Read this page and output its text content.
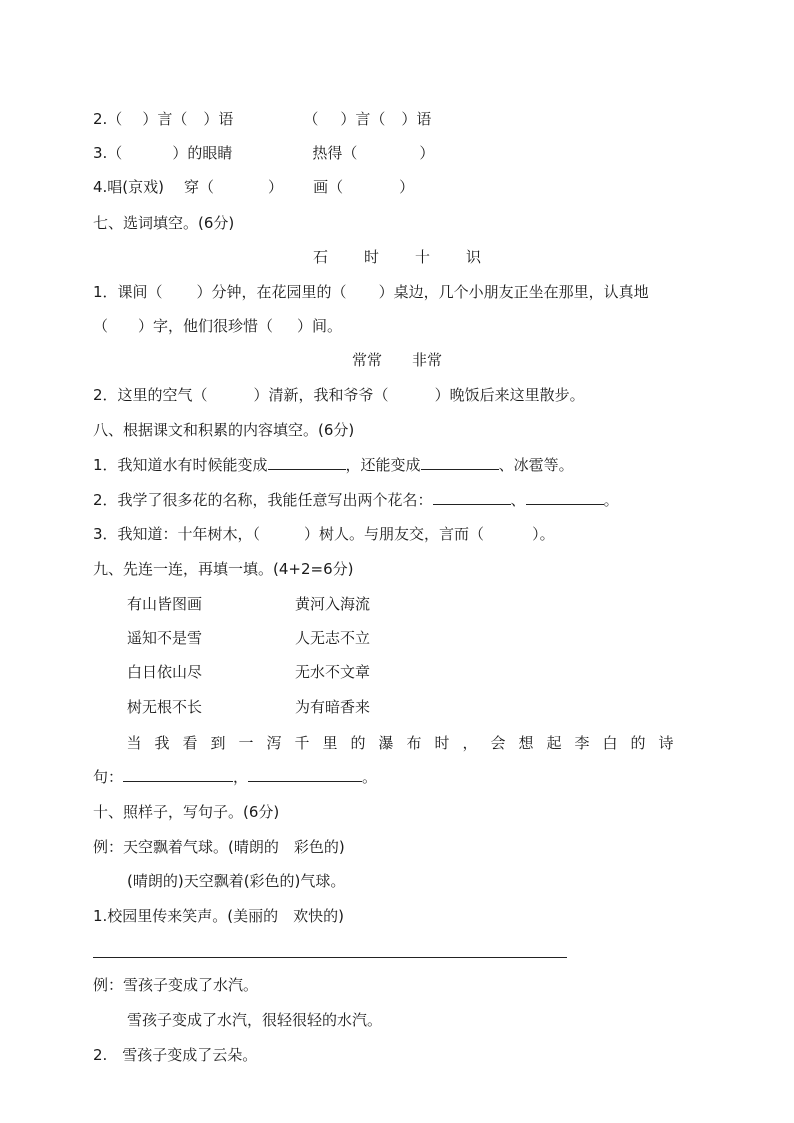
2.（ ）言（ ）语	（ ）言（ ）语
3.（	）的眼睛	热得（	）
4.唱(京戏) 穿（	） 画（	）
七、选词填空。(6分)
石 时 十 识
1．课间（ ）分钟，在花园里的（ ）桌边，几个小朋友正坐在那里，认真地
（ ）字，他们很珍惜（ ）间。
常常 非常
2．这里的空气（	）清新，我和爷爷（	）晚饭后来这里散步。
八、根据课文和积累的内容填空。(6分)
1．我知道水有时候能变成	，还能变成	、冰雹等。
2．我学了很多花的名称，我能任意写出两个花名：	、	。
3．我知道：十年树木，（	）树人。与朋友交，言而（	）。
九、先连一连，再填一填。(4+2=6分)
有山皆图画	黄河入海流
遥知不是雪	人无志不立
白日依山尽	无水不文章
树无根不长	为有暗香来
当 我 看 到 一 泻 千 里 的 瀑 布 时 ， 会 想 起 李 白 的 诗
句：	，	。
十、照样子，写句子。(6分)
例：天空飘着气球。(晴朗的　彩色的)
(晴朗的)天空飘着(彩色的)气球。
1.校园里传来笑声。(美丽的　欢快的)
例：雪孩子变成了水汽。
雪孩子变成了水汽，很轻很轻的水汽。
2.　雪孩子变成了云朵。
